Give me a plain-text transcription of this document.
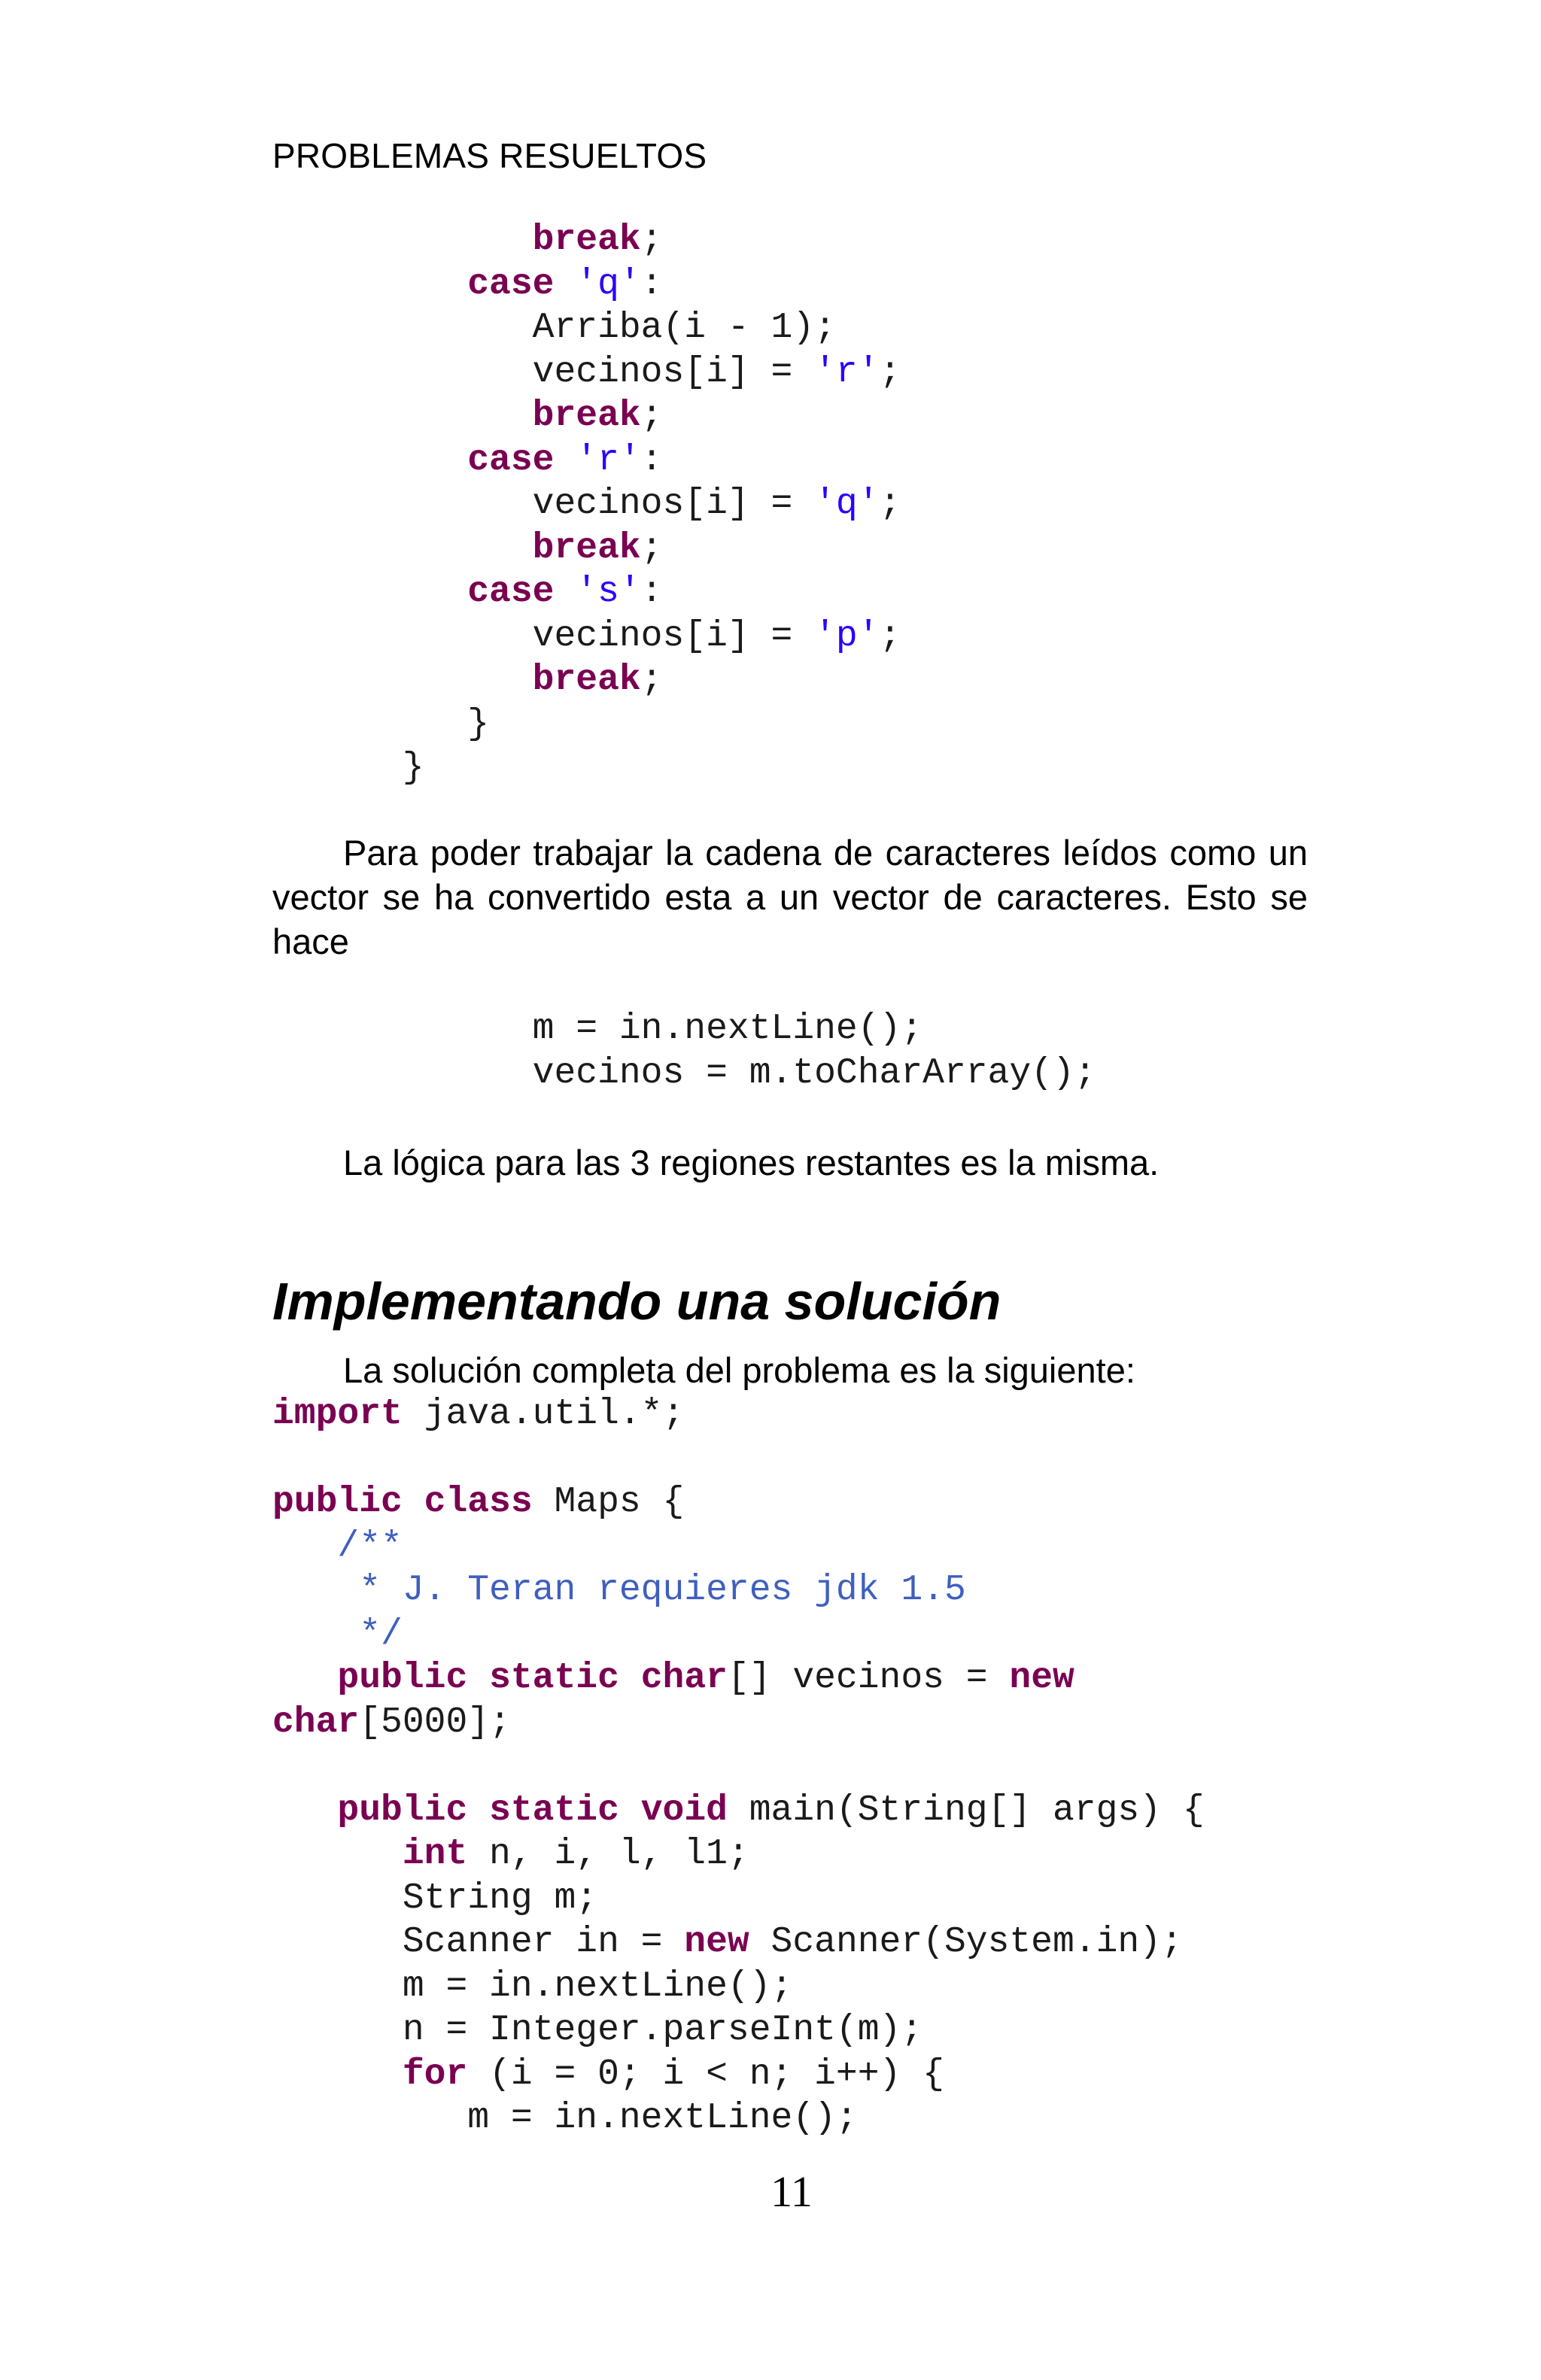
PROBLEMAS RESUELTOS
break;
case 'q':
Arriba(i - 1);
vecinos[i] = 'r';
break;
case 'r':
vecinos[i] = 'q';
break;
case 's':
vecinos[i] = 'p';
break;
}
}

Para poder trabajar la cadena de caracteres leídos como un vector se ha convertido esta a un vector de caracteres. Esto se hace

m = in.nextLine();
vecinos = m.toCharArray();

La lógica para las 3 regiones restantes es la misma.

Implementando una solución

La solución completa del problema es la siguiente:

import java.util.*;

public class Maps {
/**
* J. Teran requieres jdk 1.5
*/
public static char[] vecinos = new
char[5000];

public static void main(String[] args) {
int n, i, l, l1;
String m;
Scanner in = new Scanner(System.in);
m = in.nextLine();
n = Integer.parseInt(m);
for (i = 0; i < n; i++) {
m = in.nextLine();
11
